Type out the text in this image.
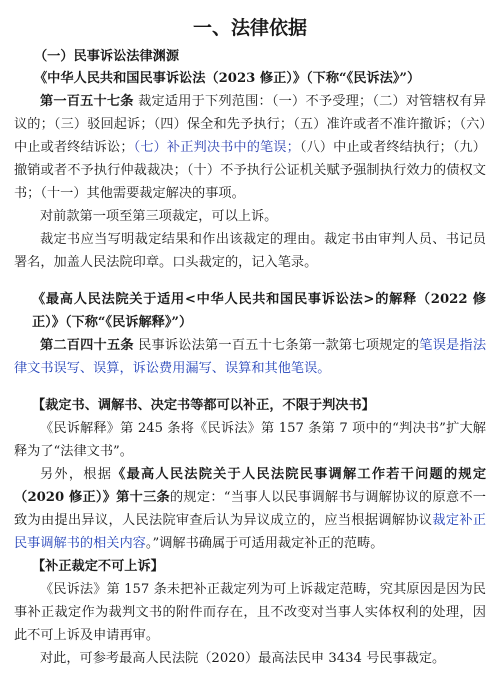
一、法律依据
（一）民事诉讼法律渊源
《中华人民共和国民事诉讼法（2023 修正）》（下称“《民诉法》”）

第一百五十七条 裁定适用于下列范围：（一）不予受理；（二）对管辖权有异议的；（三）驳回起诉；（四）保全和先予执行；（五）准许或者不准许撤诉；（六）中止或者终结诉讼；（七）补正判决书中的笔误；（八）中止或者终结执行；（九）撤销或者不予执行仲裁裁决；（十）不予执行公证机关赋予强制执行效力的债权文书；（十一）其他需要裁定解决的事项。

对前款第一项至第三项裁定，可以上诉。

裁定书应当写明裁定结果和作出该裁定的理由。裁定书由审判人员、书记员署名，加盖人民法院印章。口头裁定的，记入笔录。

《最高人民法院关于适用<中华人民共和国民事诉讼法>的解释（2022 修正）》（下称“《民诉解释》”）

第二百四十五条 民事诉讼法第一百五十七条第一款第七项规定的笔误是指法律文书误写、误算，诉讼费用漏写、误算和其他笔误。

【裁定书、调解书、决定书等都可以补正，不限于判决书】

《民诉解释》第 245 条将《民诉法》第 157 条第 7 项中的“判决书”扩大解释为了“法律文书”。

另外，根据《最高人民法院关于人民法院民事调解工作若干问题的规定（2020 修正）》第十三条的规定：“当事人以民事调解书与调解协议的原意不一致为由提出异议，人民法院审查后认为异议成立的，应当根据调解协议裁定补正民事调解书的相关内容。”调解书确属于可适用裁定补正的范畴。

【补正裁定不可上诉】

《民诉法》第 157 条未把补正裁定列为可上诉裁定范畴，究其原因是因为民事补正裁定作为裁判文书的附件而存在，且不改变对当事人实体权利的处理，因此不可上诉及申请再审。

对此，可参考最高人民法院（2020）最高法民申 3434 号民事裁定。
